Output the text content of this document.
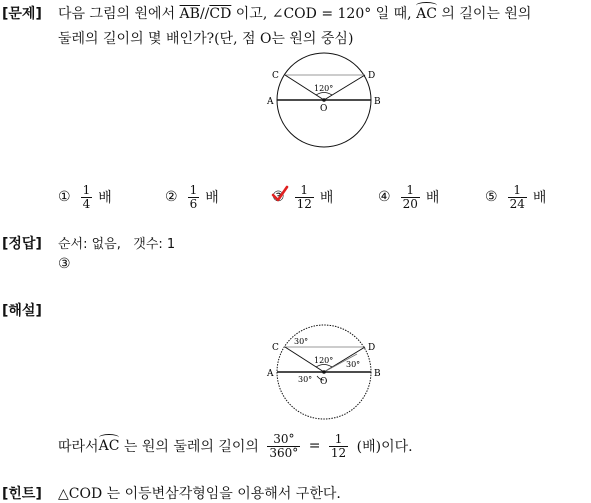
[문제] 다음 그림의 원에서 $\overline{AB}//\overline{CD}$ 이고, ∠COD = 120° 일 때, AC 의 길이는 원의
둘레의 길이의 몇 배인가?(단, 점 O는 원의 중심)
C	D
A	B
O
120°
① $\frac{1}{4}$ 배	② $\frac{1}{6}$ 배	③ $\frac{1}{12}$ 배	④ $\frac{1}{20}$ 배	⑤ $\frac{1}{24}$ 배
[정답] 순서: 없음,   갯수: 1
③
[해설]
C	D
A	B
O
30°
120° 30°
30°
따라서 AC 는 원의 둘레의 길이의 $\frac{30^\circ}{360^\circ} = \frac{1}{12}$ (배)이다.
[힌트] △COD 는 이등변삼각형임을 이용해서 구한다.
